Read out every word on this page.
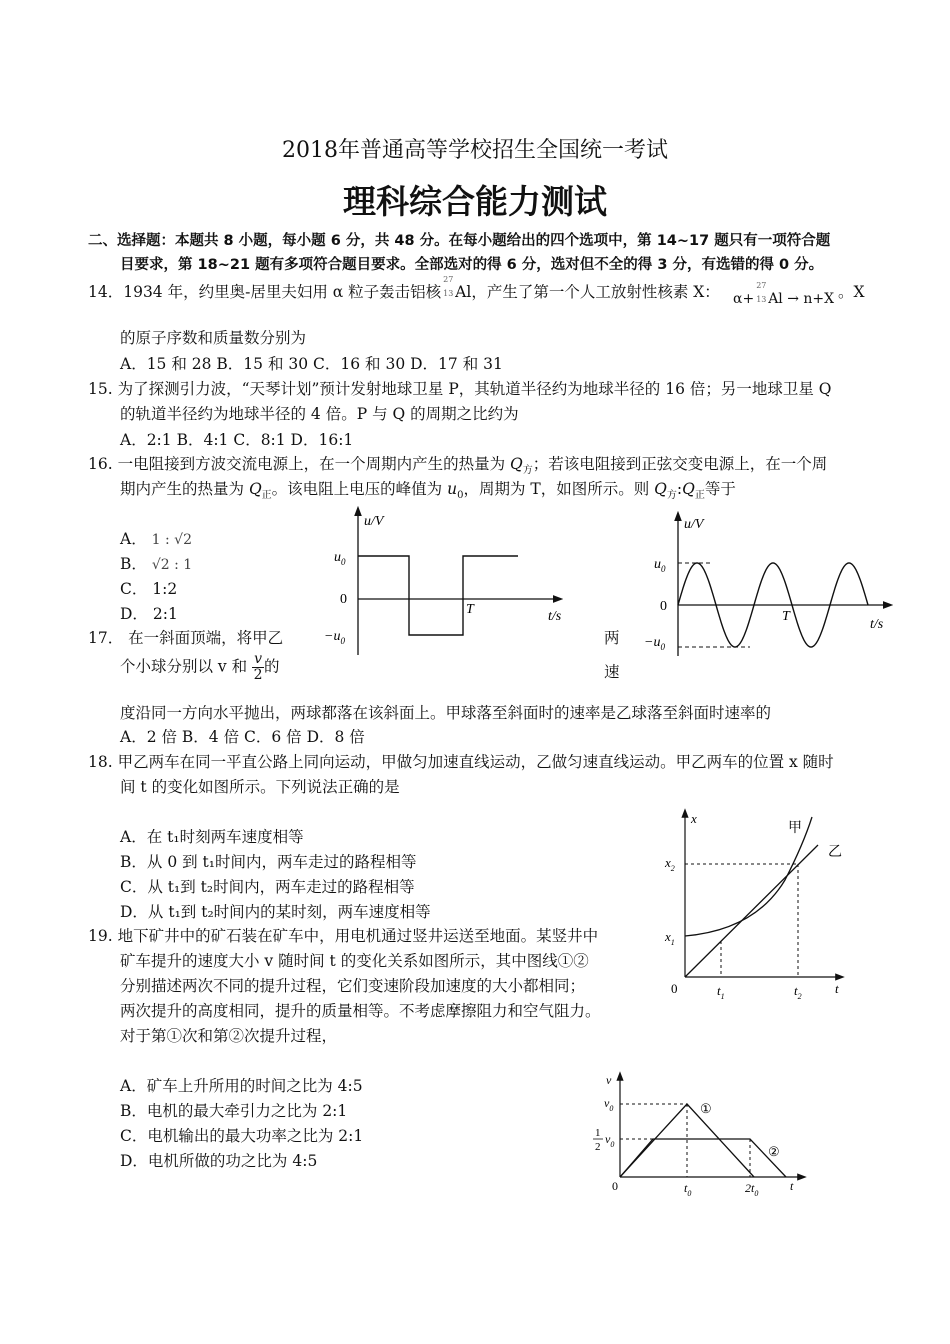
2018年普通高等学校招生全国统一考试
理科综合能力测试
二、选择题：本题共 8 小题，每小题 6 分，共 48 分。在每小题给出的四个选项中，第 14~17 题只有一项符合题
目要求，第 18~21 题有多项符合题目要求。全部选对的得 6 分，选对但不全的得 3 分，有选错的得 0 分。
14．1934 年，约里奥-居里夫妇用 α 粒子轰击铝核
27
13 Al，产生了第一个人工放射性核素 X： α+
27
13 Al → n+X 。X
的原子序数和质量数分别为
A．15 和 28 B．15 和 30 C．16 和 30 D．17 和 31
15. 为了探测引力波，“天琴计划”预计发射地球卫星 P，其轨道半径约为地球半径的 16 倍；另一地球卫星 Q
的轨道半径约为地球半径的 4 倍。P 与 Q 的周期之比约为
A．2:1 B．4:1 C．8:1 D．16:1
16. 一电阻接到方波交流电源上，在一个周期内产生的热量为 $Q_方$；若该电阻接到正弦交变电源上，在一个周
期内产生的热量为 $Q_正$。该电阻上电压的峰值为 $u_0$，周期为 T，如图所示。则 $Q_方:Q_正$等于
A． 1 : √2
B． √2 : 1
C． 1:2
D． 2:1
u/V
$u_0$
0
$-u_0$
T	t/s
u/V
$u_0$
0
$-u_0$
T
t/s
17． 在一斜面顶端，将甲乙	两
个小球分别以 v 和 $\frac{v}{2}$ 的	速
度沿同一方向水平抛出，两球都落在该斜面上。甲球落至斜面时的速率是乙球落至斜面时速率的
A．2 倍 B．4 倍 C．6 倍 D．8 倍
18. 甲乙两车在同一平直公路上同向运动，甲做匀加速直线运动，乙做匀速直线运动。甲乙两车的位置 x 随时
间 t 的变化如图所示。下列说法正确的是
A．在 t₁时刻两车速度相等
B．从 0 到 t₁时间内，两车走过的路程相等
C．从 t₁到 t₂时间内，两车走过的路程相等
D．从 t₁到 t₂时间内的某时刻，两车速度相等
x
甲
乙
$x_2$
$x_1$
0	$t_1$	$t_2$
t
19. 地下矿井中的矿石装在矿车中，用电机通过竖井运送至地面。某竖井中
矿车提升的速度大小 v 随时间 t 的变化关系如图所示，其中图线①②
分别描述两次不同的提升过程，它们变速阶段加速度的大小都相同；
两次提升的高度相同，提升的质量相等。不考虑摩擦阻力和空气阻力。
对于第①次和第②次提升过程，
A．矿车上升所用的时间之比为 4:5
B．电机的最大牵引力之比为 2:1
C．电机输出的最大功率之比为 2:1
D．电机所做的功之比为 4:5
v
$v_0$
1
2
$v_0$
0	$t_0$	$2t_0$
t
①
②
